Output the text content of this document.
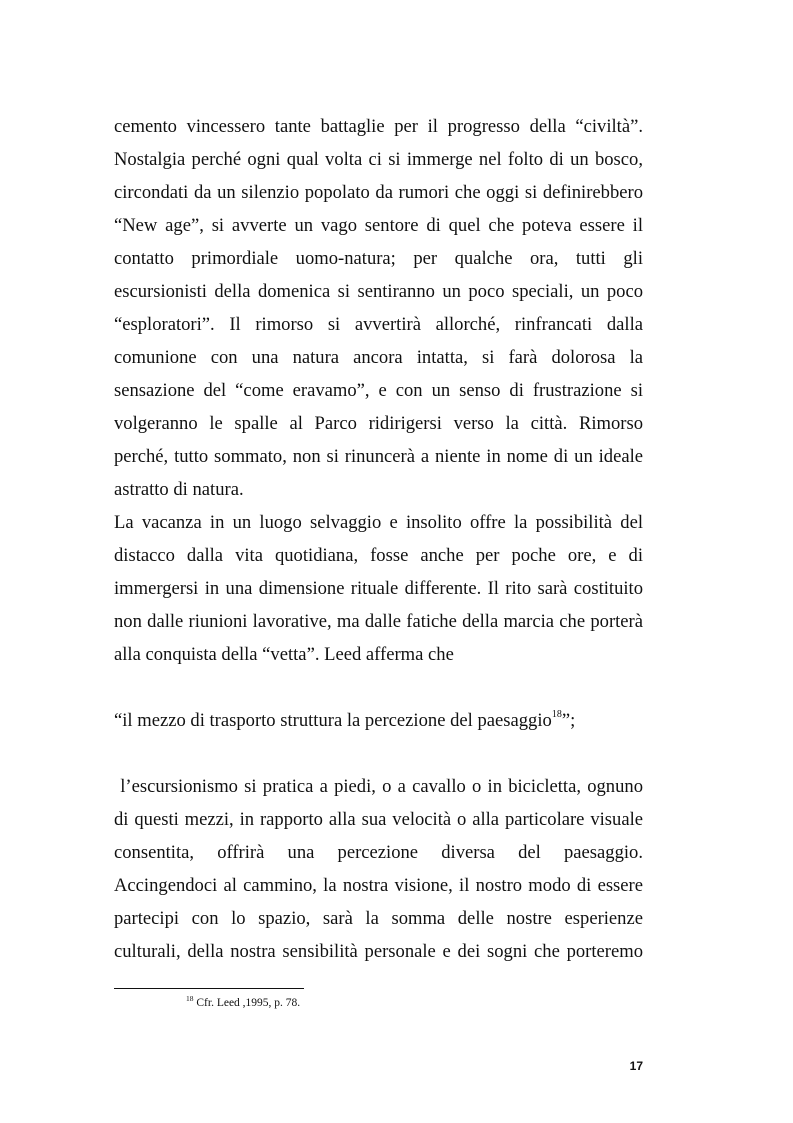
cemento vincessero tante battaglie per il progresso della “civiltà”.
Nostalgia perché ogni qual volta ci si immerge nel folto di un bosco,
circondati da un silenzio popolato da rumori che oggi si definirebbero
“New age”, si avverte un vago sentore di quel che poteva essere il
contatto primordiale uomo-natura; per qualche ora, tutti gli
escursionisti della domenica si sentiranno un poco speciali, un poco
“esploratori”. Il rimorso si avvertirà allorché, rinfrancati dalla
comunione con una natura ancora intatta, si farà dolorosa la
sensazione del “come eravamo”, e con un senso di frustrazione si
volgeranno le spalle al Parco ridirigersi verso la città. Rimorso
perché, tutto sommato, non si rinuncerà a niente in nome di un ideale
astratto di natura.
La vacanza in un luogo selvaggio e insolito offre la possibilità del
distacco dalla vita quotidiana, fosse anche per poche ore, e di
immergersi in una dimensione rituale differente. Il rito sarà costituito
non dalle riunioni lavorative, ma dalle fatiche della marcia che porterà
alla conquista della “vetta”. Leed afferma che
“il mezzo di trasporto struttura la percezione del paesaggio$^{18}$”;
l’escursionismo si pratica a piedi, o a cavallo o in bicicletta, ognuno
di questi mezzi, in rapporto alla sua velocità o alla particolare visuale
consentita, offrirà una percezione diversa del paesaggio.
Accingendoci al cammino, la nostra visione, il nostro modo di essere
partecipi con lo spazio, sarà la somma delle nostre esperienze
culturali, della nostra sensibilità personale e dei sogni che porteremo
$^{18}$ Cfr. Leed ,1995, p. 78.
17
